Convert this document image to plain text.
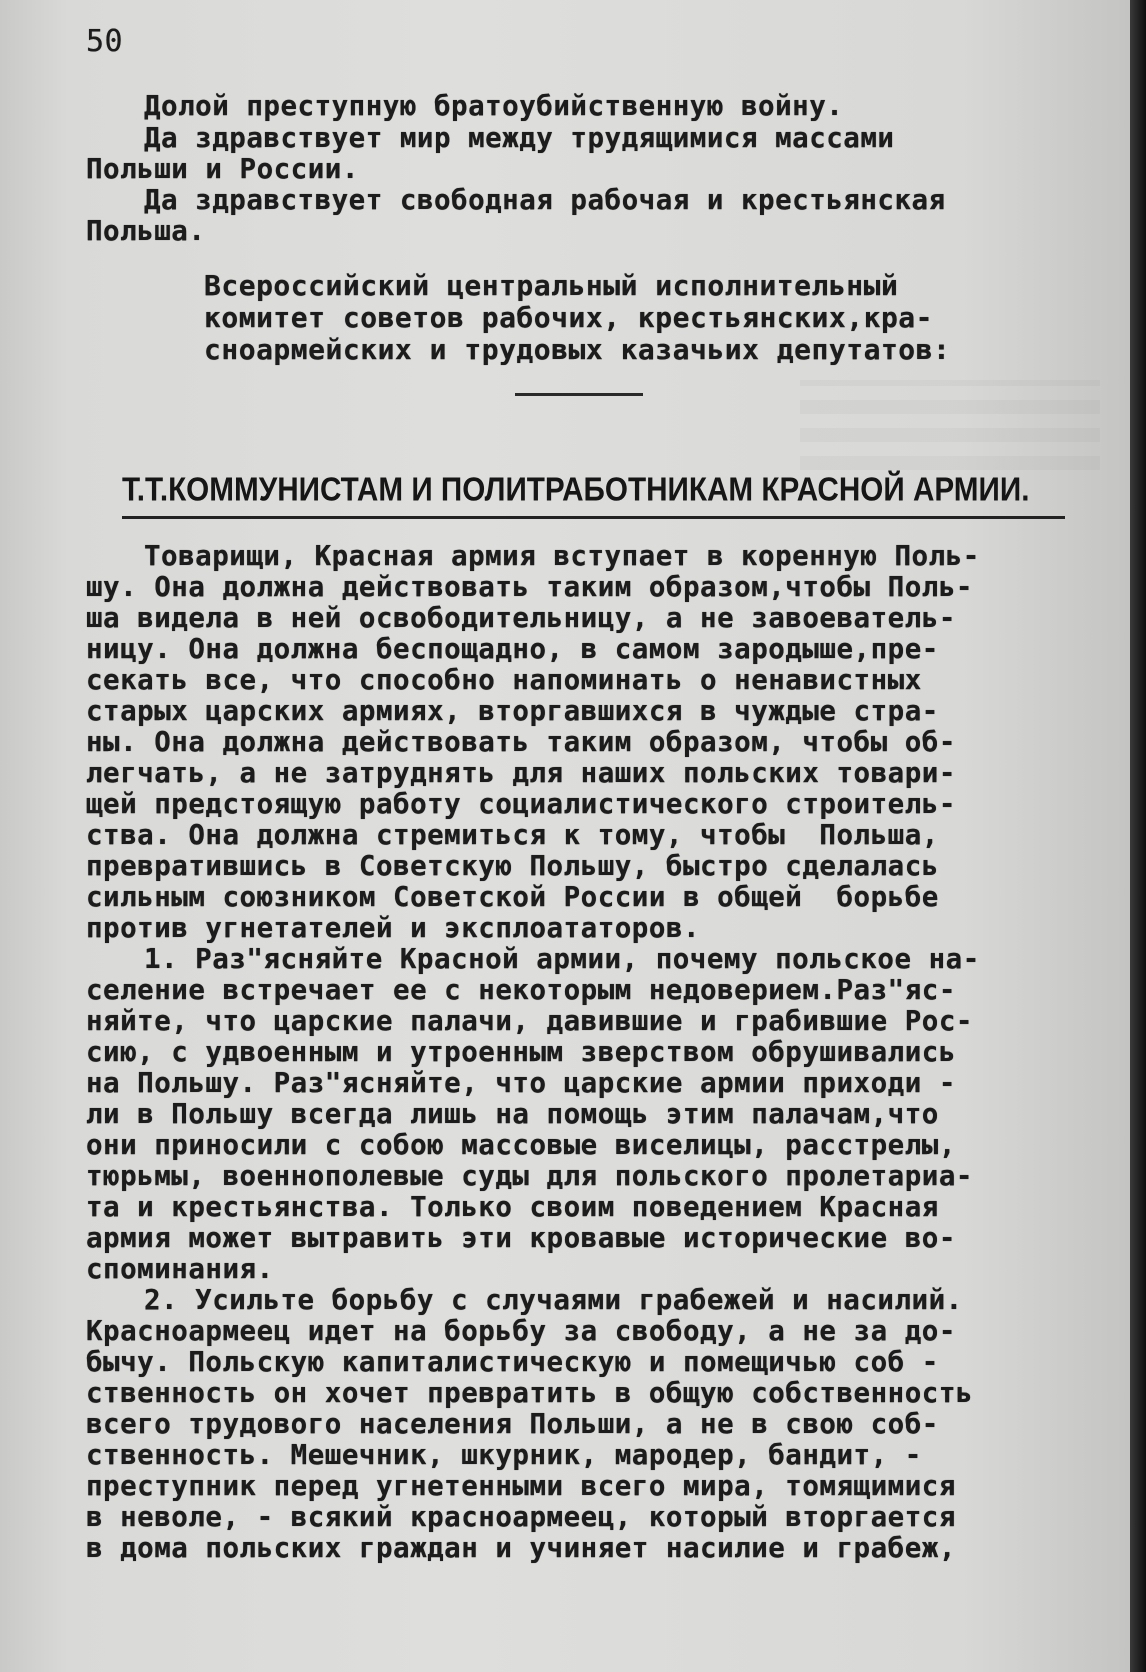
50
Долой преступную братоубийственную войну.
Да здравствует мир между трудящимися массами
Польши и России.
Да здравствует свободная рабочая и крестьянская
Польша.
Всероссийский центральный исполнительный
комитет советов рабочих, крестьянских,кра-
сноармейских и трудовых казачьих депутатов:
Т.Т.КОММУНИСТАМ И ПОЛИТРАБОТНИКАМ КРАСНОЙ АРМИИ.
Товарищи, Красная армия вступает в коренную Поль-
шу. Она должна действовать таким образом,чтобы Поль-
ша видела в ней освободительницу, а не завоеватель-
ницу. Она должна беспощадно, в самом зародыше,пре-
секать все, что способно напоминать о ненавистных
старых царских армиях, вторгавшихся в чуждые стра-
ны. Она должна действовать таким образом, чтобы об-
легчать, а не затруднять для наших польских товари-
щей предстоящую работу социалистического строитель-
ства. Она должна стремиться к тому, чтобы  Польша,
превратившись в Советскую Польшу, быстро сделалась
сильным союзником Советской России в общей  борьбе
против угнетателей и эксплоататоров.
1. Раз"ясняйте Красной армии, почему польское на-
селение встречает ее с некоторым недоверием.Раз"яс-
няйте, что царские палачи, давившие и грабившие Рос-
сию, с удвоенным и утроенным зверством обрушивались
на Польшу. Раз"ясняйте, что царские армии приходи -
ли в Польшу всегда лишь на помощь этим палачам,что
они приносили с собою массовые виселицы, расстрелы,
тюрьмы, военнополевые суды для польского пролетариа-
та и крестьянства. Только своим поведением Красная
армия может вытравить эти кровавые исторические во-
споминания.
2. Усильте борьбу с случаями грабежей и насилий.
Красноармеец идет на борьбу за свободу, а не за до-
бычу. Польскую капиталистическую и помещичью соб -
ственность он хочет превратить в общую собственность
всего трудового населения Польши, а не в свою соб-
ственность. Мешечник, шкурник, мародер, бандит, -
преступник перед угнетенными всего мира, томящимися
в неволе, - всякий красноармеец, который вторгается
в дома польских граждан и учиняет насилие и грабеж,
